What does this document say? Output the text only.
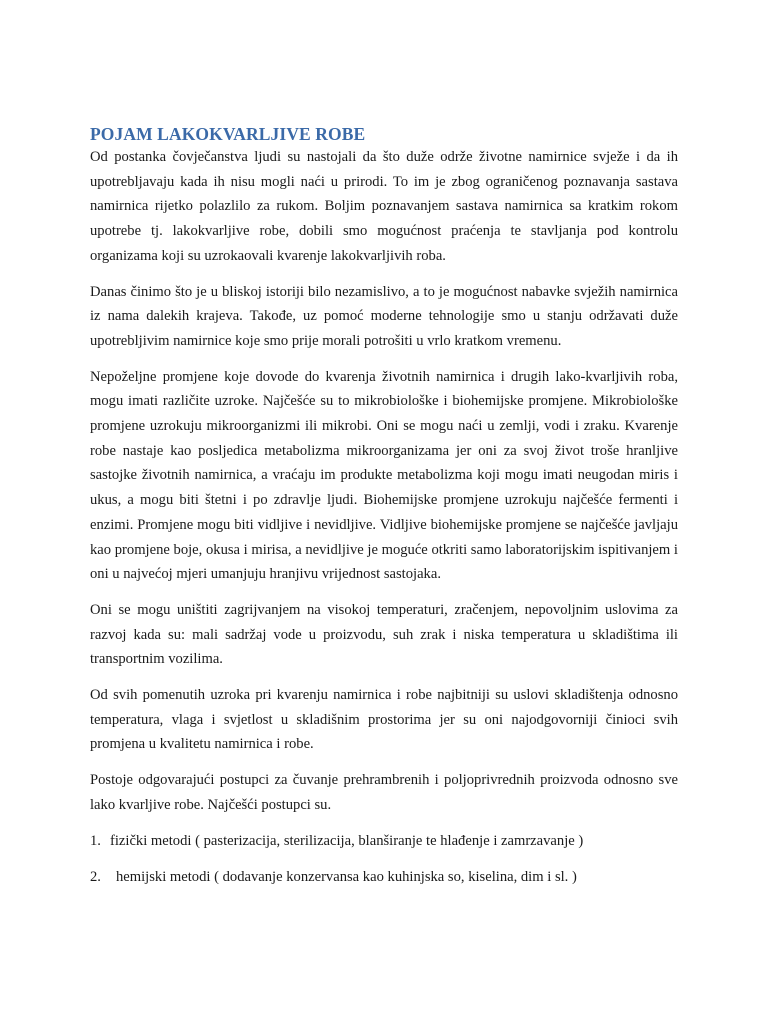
POJAM LAKOKVARLJIVE ROBE

Od postanka čovječanstva ljudi su nastojali da što duže održe životne namirnice svježe i da ih upotrebljavaju kada ih nisu mogli naći u prirodi. To im je zbog ograničenog poznavanja sastava namirnica rijetko polazlilo za rukom. Boljim poznavanjem sastava namirnica sa kratkim rokom upotrebe tj. lakokvarljive robe, dobili smo mogućnost praćenja te stavljanja pod kontrolu organizama koji su uzrokaovali kvarenje lakokvarljivih roba.

Danas činimo što je u bliskoj istoriji bilo nezamislivo, a to je mogućnost nabavke svježih namirnica iz nama dalekih krajeva. Takođe, uz pomoć moderne tehnologije smo u stanju održavati duže upotrebljivim namirnice koje smo prije morali potrošiti u vrlo kratkom vremenu.

Nepoželjne promjene koje dovode do kvarenja životnih namirnica i drugih lako-kvarljivih roba, mogu imati različite uzroke. Najčešće su to mikrobiološke i biohemijske promjene. Mikrobiološke promjene uzrokuju mikroorganizmi ili mikrobi. Oni se mogu naći u zemlji, vodi i zraku. Kvarenje robe nastaje kao posljedica metabolizma mikroorganizama jer oni za svoj život troše hranljive sastojke životnih namirnica, a vraćaju im produkte metabolizma koji mogu imati neugodan miris i ukus, a mogu biti štetni i po zdravlje ljudi. Biohemijske promjene uzrokuju najčešće fermenti i enzimi. Promjene mogu biti vidljive i nevidljive. Vidljive biohemijske promjene se najčešće javljaju kao promjene boje, okusa i mirisa, a nevidljive je moguće otkriti samo laboratorijskim ispitivanjem i oni u najvećoj mjeri umanjuju hranjivu vrijednost sastojaka.

Oni se mogu uništiti zagrijvanjem na visokoj temperaturi, zračenjem, nepovoljnim uslovima za razvoj kada su: mali sadržaj vode u proizvodu, suh zrak i niska temperatura u skladištima ili transportnim vozilima.

Od svih pomenutih uzroka pri kvarenju namirnica i robe najbitniji su uslovi skladištenja odnosno temperatura, vlaga i svjetlost u skladišnim prostorima jer su oni najodgovorniji činioci svih promjena u kvalitetu namirnica i robe.

Postoje odgovarajući postupci za čuvanje prehrambrenih i poljoprivrednih proizvoda odnosno sve lako kvarljive robe. Najčešći postupci su.

1. fizički metodi ( pasterizacija, sterilizacija, blanširanje te hlađenje i zamrzavanje )
2.	hemijski metodi ( dodavanje konzervansa kao kuhinjska so, kiselina, dim i sl. )
